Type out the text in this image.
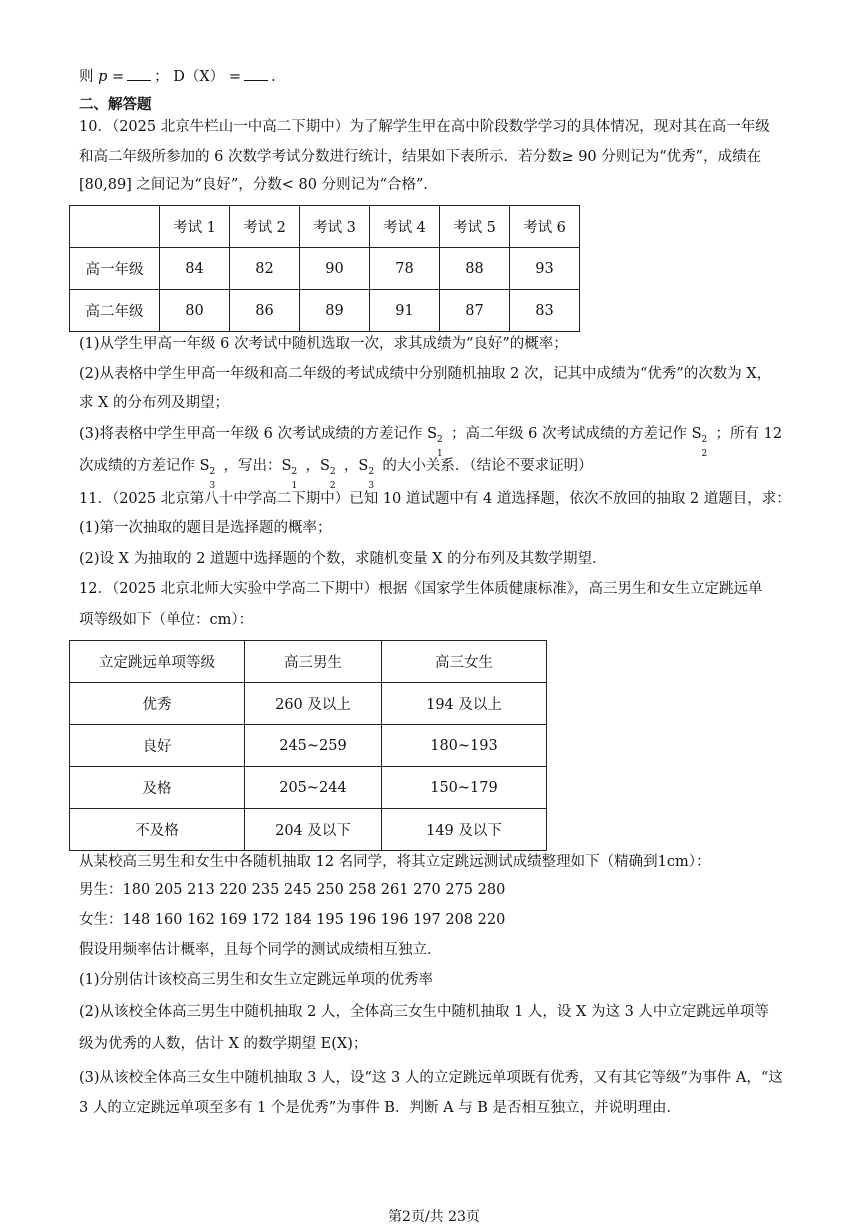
则 p = ； D（X） = .
二、解答题
10．（2025 北京牛栏山一中高二下期中）为了解学生甲在高中阶段数学学习的具体情况，现对其在高一年级
和高二年级所参加的 6 次数学考试分数进行统计，结果如下表所示．若分数≥ 90 分则记为“优秀”，成绩在
[80,89] 之间记为“良好”，分数< 80 分则记为“合格”．
	考试 1	考试 2	考试 3	考试 4	考试 5	考试 6
高一年级	84	82	90	78	88	93
高二年级	80	86	89	91	87	83
(1)从学生甲高一年级 6 次考试中随机选取一次，求其成绩为“良好”的概率；
(2)从表格中学生甲高一年级和高二年级的考试成绩中分别随机抽取 2 次，记其中成绩为“优秀”的次数为 X，
求 X 的分布列及期望；
(3)将表格中学生甲高一年级 6 次考试成绩的方差记作 S 2
1
；高二年级 6 次考试成绩的方差记作 S 2
2
；所有 12
次成绩的方差记作 S 2
3
，写出：S 2
1
，S 2
2
，S 2
3
的大小关系．（结论不要求证明）
11．（2025 北京第八十中学高二下期中）已知 10 道试题中有 4 道选择题，依次不放回的抽取 2 道题目，求：
(1)第一次抽取的题目是选择题的概率；
(2)设 X 为抽取的 2 道题中选择题的个数，求随机变量 X 的分布列及其数学期望．
12．（2025 北京北师大实验中学高二下期中）根据《国家学生体质健康标准》，高三男生和女生立定跳远单
项等级如下（单位：cm）：
立定跳远单项等级	高三男生	高三女生
优秀	260 及以上	194 及以上
良好	245~259	180~193
及格	205~244	150~179
不及格	204 及以下	149 及以下
从某校高三男生和女生中各随机抽取 12 名同学，将其立定跳远测试成绩整理如下（精确到1cm）：
男生：180 205 213 220 235 245 250 258 261 270 275 280
女生：148 160 162 169 172 184 195 196 196 197 208 220
假设用频率估计概率，且每个同学的测试成绩相互独立．
(1)分别估计该校高三男生和女生立定跳远单项的优秀率
(2)从该校全体高三男生中随机抽取 2 人，全体高三女生中随机抽取 1 人，设 X 为这 3 人中立定跳远单项等
级为优秀的人数，估计 X 的数学期望 E(X)；
(3)从该校全体高三女生中随机抽取 3 人，设“这 3 人的立定跳远单项既有优秀，又有其它等级”为事件 A，“这
3 人的立定跳远单项至多有 1 个是优秀”为事件 B．判断 A 与 B 是否相互独立，并说明理由．
第2页/共 23页
